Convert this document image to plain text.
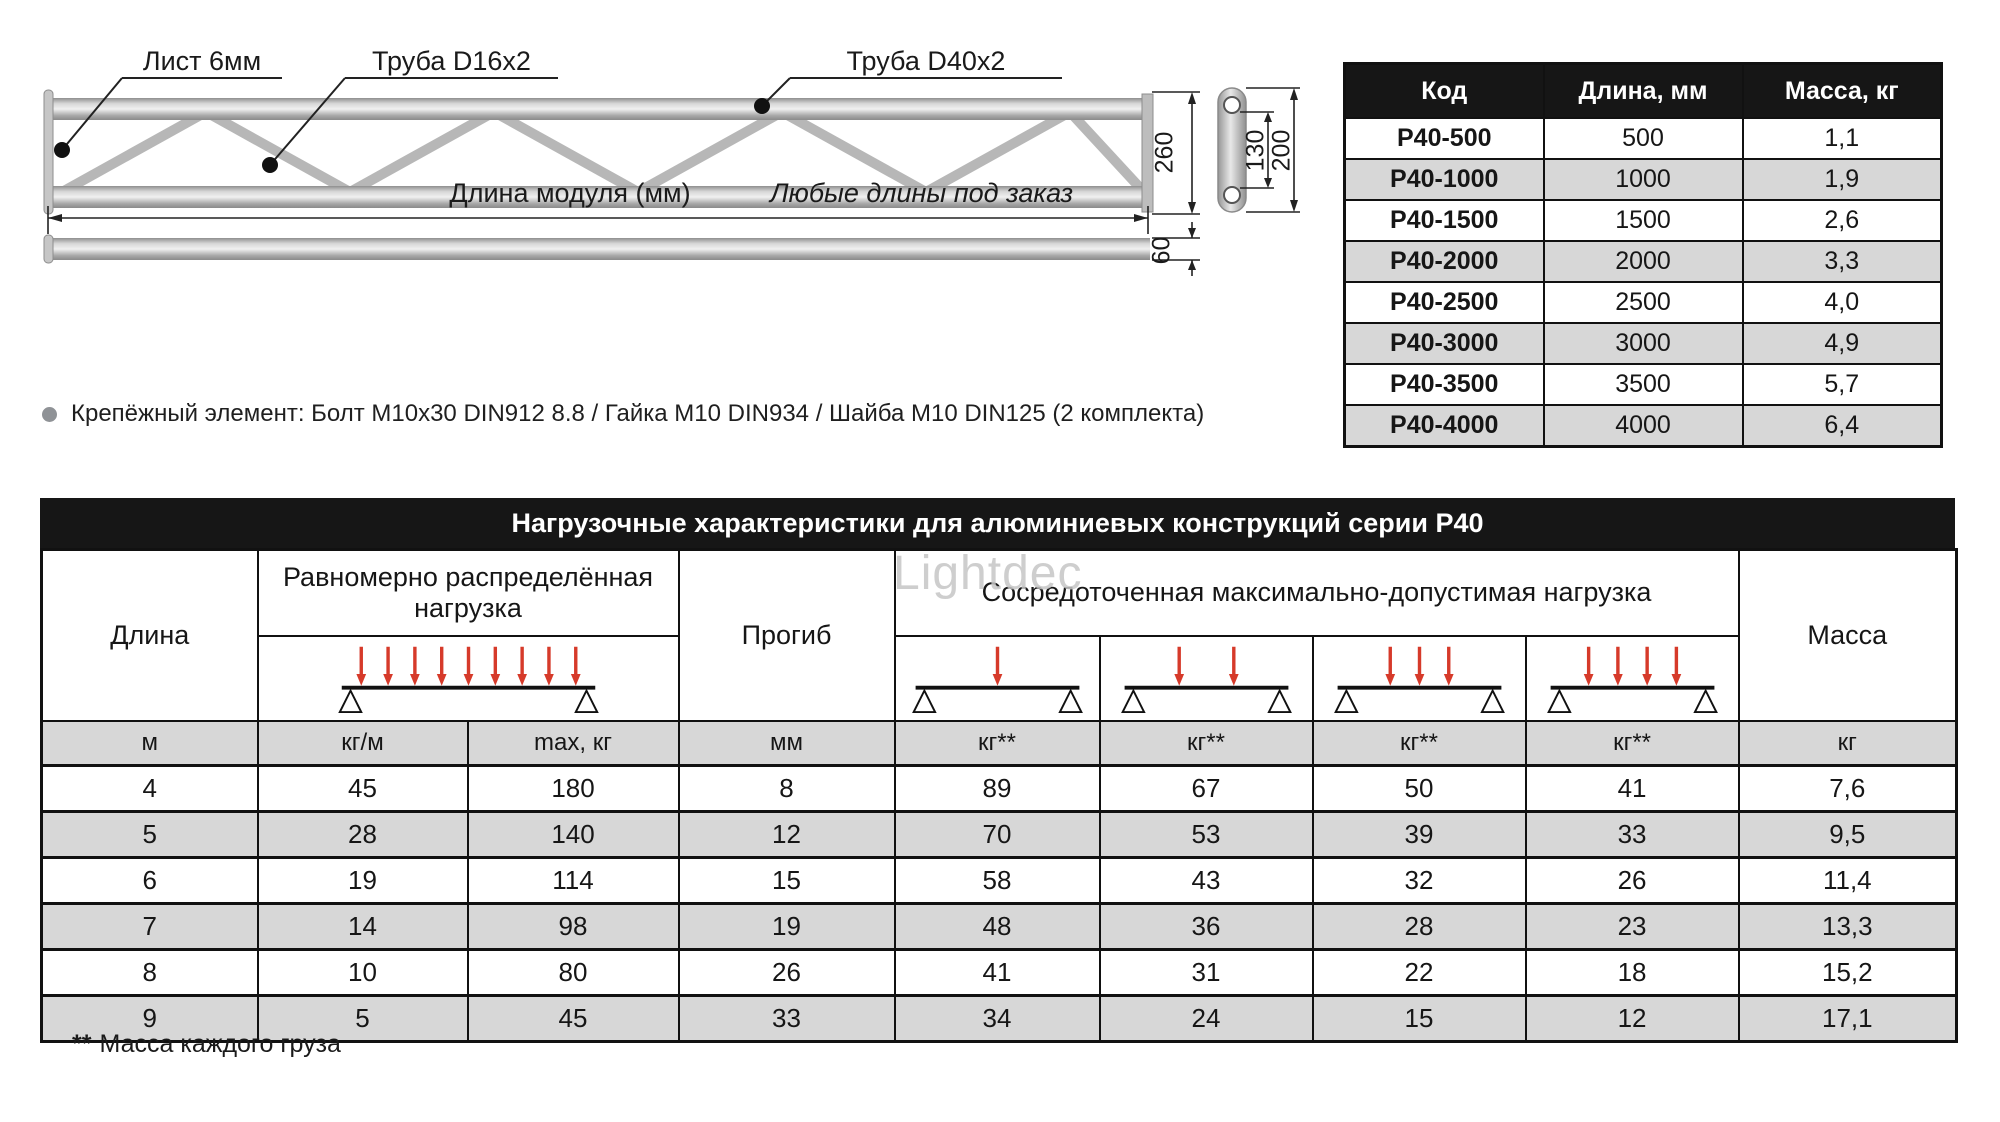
Лист 6мм	Труба D16x2	Труба D40x2
260	130
200
60
Длина модуля (мм)	Любые длины под заказ
Крепёжный элемент: Болт M10x30 DIN912 8.8 / Гайка M10 DIN934 / Шайба M10 DIN125 (2 комплекта)
Код	Длина, мм	Масса, кг
P40-500	500	1,1
P40-1000	1000	1,9
P40-1500	1500	2,6
P40-2000	2000	3,3
P40-2500	2500	4,0
P40-3000	3000	4,9
P40-3500	3500	5,7
P40-4000	4000	6,4
Нагрузочные характеристики для алюминиевых конструкций серии Р40
Lightdec
Длина	Равномерно распределённая нагрузка		Прогиб	Сосредоточенная максимально-допустимая нагрузка				Масса

м	кг/м	max, кг	мм	кг**	кг**	кг**	кг**	кг
4	45	180	8	89	67	50	41	7,6
5	28	140	12	70	53	39	33	9,5
6	19	114	15	58	43	32	26	11,4
7	14	98	19	48	36	28	23	13,3
8	10	80	26	41	31	22	18	15,2
9	5	45	33	34	24	15	12	17,1
** Масса каждого груза
